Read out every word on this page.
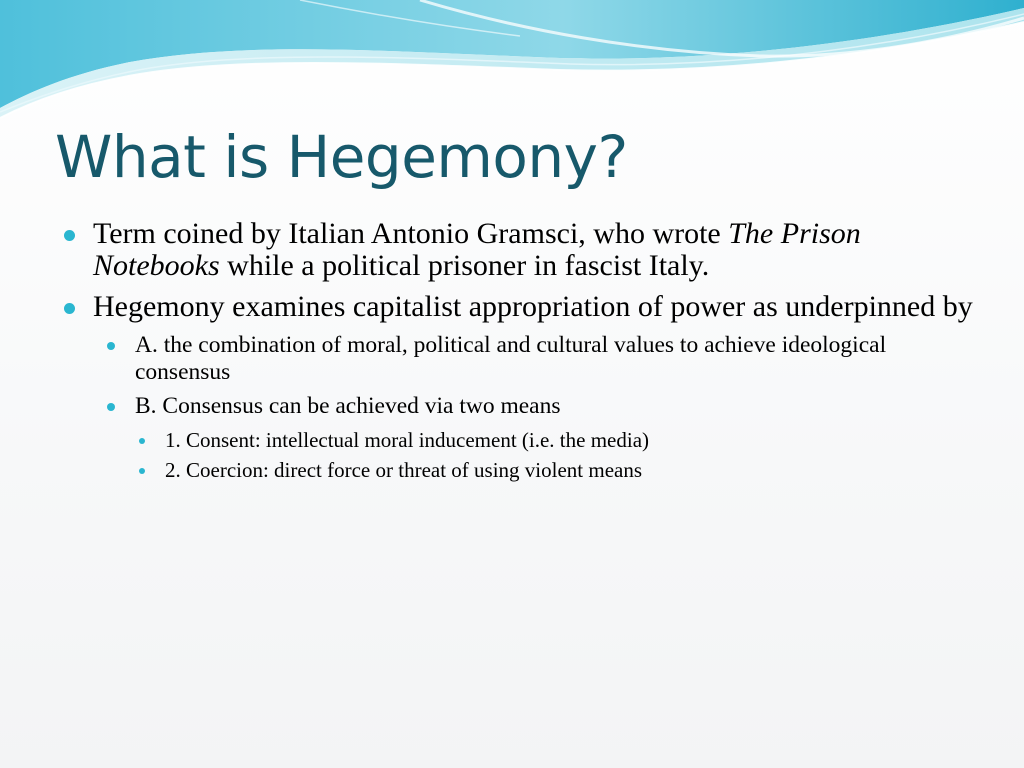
What is Hegemony?
Term coined by Italian Antonio Gramsci, who wrote The Prison Notebooks while a political prisoner in fascist Italy.
Hegemony examines capitalist appropriation of power as underpinned by
A. the combination of moral, political and cultural values to achieve ideological consensus
B. Consensus can be achieved via two means
1. Consent: intellectual moral inducement (i.e. the media)
2. Coercion: direct force or threat of using violent means
